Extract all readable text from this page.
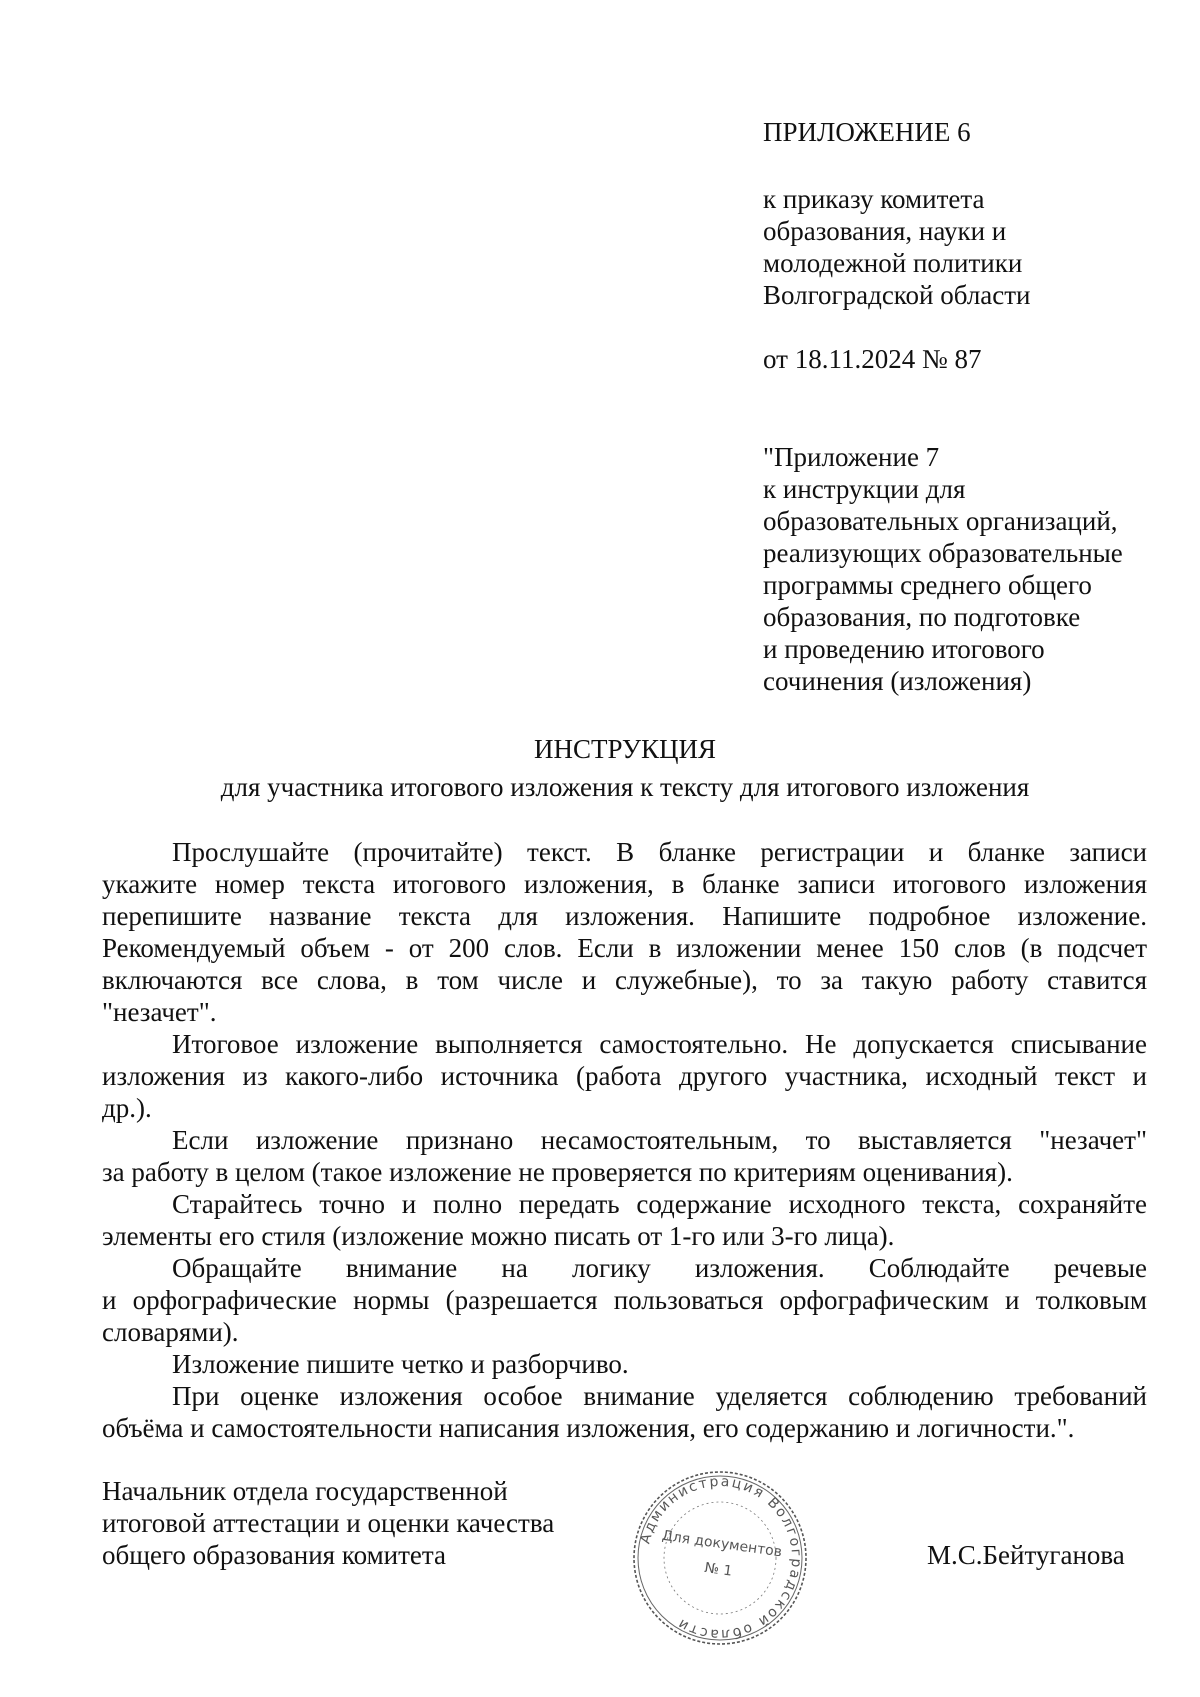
ПРИЛОЖЕНИЕ 6
к приказу комитета
образования, науки и
молодежной политики
Волгоградской области
от 18.11.2024 № 87
"Приложение 7
к инструкции для
образовательных организаций,
реализующих образовательные
программы среднего общего
образования, по подготовке
и проведению итогового
сочинения (изложения)
ИНСТРУКЦИЯ
для участника итогового изложения к тексту для итогового изложения
Прослушайте (прочитайте) текст. В бланке регистрации и бланке записи
укажите номер текста итогового изложения, в бланке записи итогового изложения
перепишите название текста для изложения. Напишите подробное изложение.
Рекомендуемый объем - от 200 слов. Если в изложении менее 150 слов (в подсчет
включаются все слова, в том числе и служебные), то за такую работу ставится
"незачет".
Итоговое изложение выполняется самостоятельно. Не допускается списывание
изложения из какого-либо источника (работа другого участника, исходный текст и
др.).
Если изложение признано несамостоятельным, то выставляется "незачет"
за работу в целом (такое изложение не проверяется по критериям оценивания).
Старайтесь точно и полно передать содержание исходного текста, сохраняйте
элементы его стиля (изложение можно писать от 1-го или 3-го лица).
Обращайте внимание на логику изложения. Соблюдайте речевые
и орфографические нормы (разрешается пользоваться орфографическим и толковым
словарями).
Изложение пишите четко и разборчиво.
При оценке изложения особое внимание уделяется соблюдению требований
объёма и самостоятельности написания изложения, его содержанию и логичности.".
Начальник отдела государственной
итоговой аттестации и оценки качества
общего образования комитета	М.С.Бейтуганова
Администрация Волгоградской области
Для документов
№ 1
